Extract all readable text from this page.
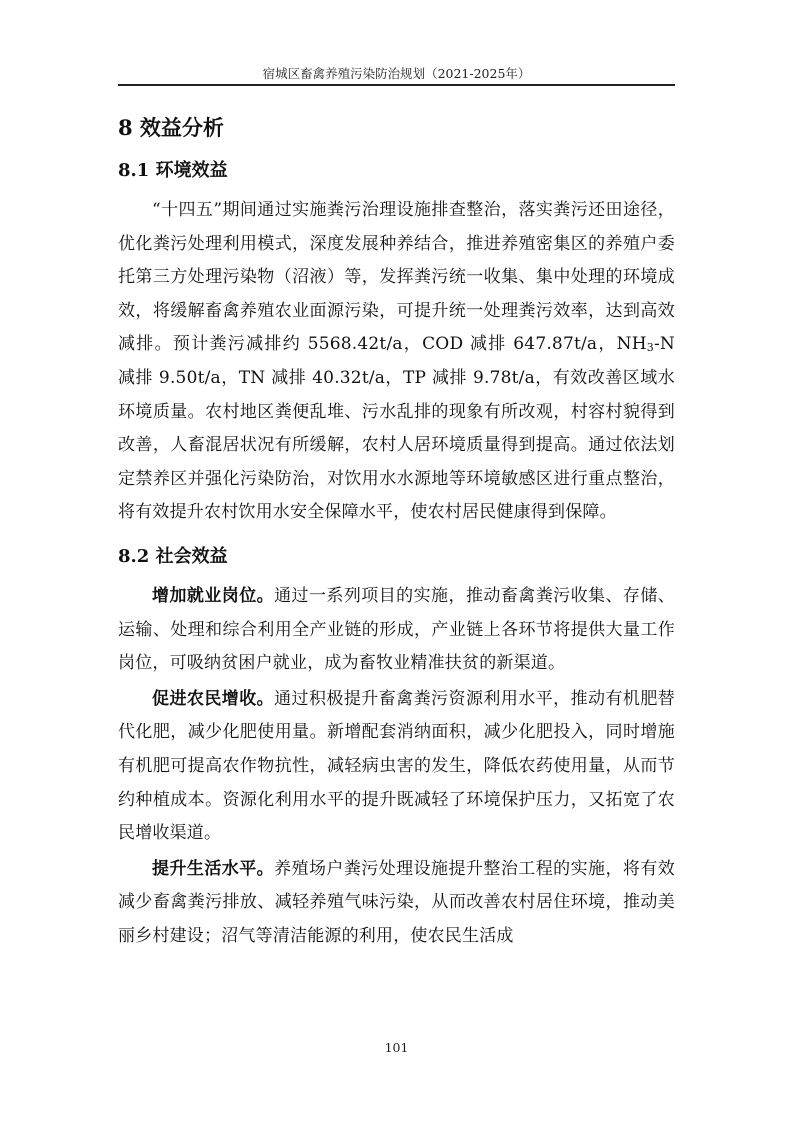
宿城区畜禽养殖污染防治规划（2021-2025年）
8 效益分析
8.1 环境效益

“十四五”期间通过实施粪污治理设施排查整治，落实粪污还田途径，优化粪污处理利用模式，深度发展种养结合，推进养殖密集区的养殖户委托第三方处理污染物（沼液）等，发挥粪污统一收集、集中处理的环境成效，将缓解畜禽养殖农业面源污染，可提升统一处理粪污效率，达到高效减排。预计粪污减排约 5568.42t/a，COD 减排 647.87t/a，NH3-N 减排 9.50t/a，TN 减排 40.32t/a，TP 减排 9.78t/a，有效改善区域水环境质量。农村地区粪便乱堆、污水乱排的现象有所改观，村容村貌得到改善，人畜混居状况有所缓解，农村人居环境质量得到提高。通过依法划定禁养区并强化污染防治，对饮用水水源地等环境敏感区进行重点整治，将有效提升农村饮用水安全保障水平，使农村居民健康得到保障。

8.2 社会效益

增加就业岗位。通过一系列项目的实施，推动畜禽粪污收集、存储、运输、处理和综合利用全产业链的形成，产业链上各环节将提供大量工作岗位，可吸纳贫困户就业，成为畜牧业精准扶贫的新渠道。

促进农民增收。通过积极提升畜禽粪污资源利用水平，推动有机肥替代化肥，减少化肥使用量。新增配套消纳面积，减少化肥投入，同时增施有机肥可提高农作物抗性，减轻病虫害的发生，降低农药使用量，从而节约种植成本。资源化利用水平的提升既减轻了环境保护压力，又拓宽了农民增收渠道。

提升生活水平。养殖场户粪污处理设施提升整治工程的实施，将有效减少畜禽粪污排放、减轻养殖气味污染，从而改善农村居住环境，推动美丽乡村建设；沼气等清洁能源的利用，使农民生活成

101
